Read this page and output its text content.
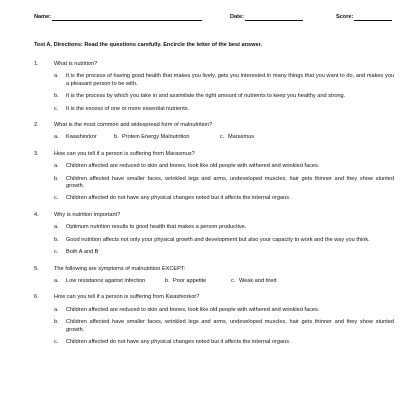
Name:	Date:	Score:
Test A. Directions: Read the questions carefully. Encircle the letter of the best answer.
1.	What is nutrition?
a. It is the process of having good health that makes you lively, gets you interested in many things that you want to do, and makes you a pleasant person to be with.
b. It is the process by which you take in and assimilate the right amount of nutrients to keep you healthy and strong.
c. It is the excess of one or more essential nutrients.
2.	What is the most common and widespread form of malnutrition?
a. Kwashiorkor	b. Protein Energy Malnutrition	c. Marasmus
3.	How can you tell if a person is suffering from Marasmus?
a. Children affected are reduced to skin and bones, look like old people with withered and wrinkled faces.
b. Children affected have smaller faces, wrinkled legs and arms, undeveloped muscles, hair gets thinner and they show stunted growth.
c. Children affected do not have any physical changes noted but it affects the internal organs.
4.	Why is nutrition important?
a. Optimum nutrition results to good health that makes a person productive.
b. Good nutrition affects not only your physical growth and development but also your capacity to work and the way you think.
c. Both A and B
5.	The following are symptoms of malnutrition EXCEPT:
a. Low resistance against infection	b. Poor appetite	c. Weak and tired
6.	How can you tell if a person is suffering from Kwashiorkor?
a. Children affected are reduced to skin and bones, look like old people with withered and wrinkled faces.
b. Children affected have smaller faces, wrinkled legs and arms, undeveloped muscles, hair gets thinner and they show stunted growth.
c. Children affected do not have any physical changes noted but it affects the internal organs.
